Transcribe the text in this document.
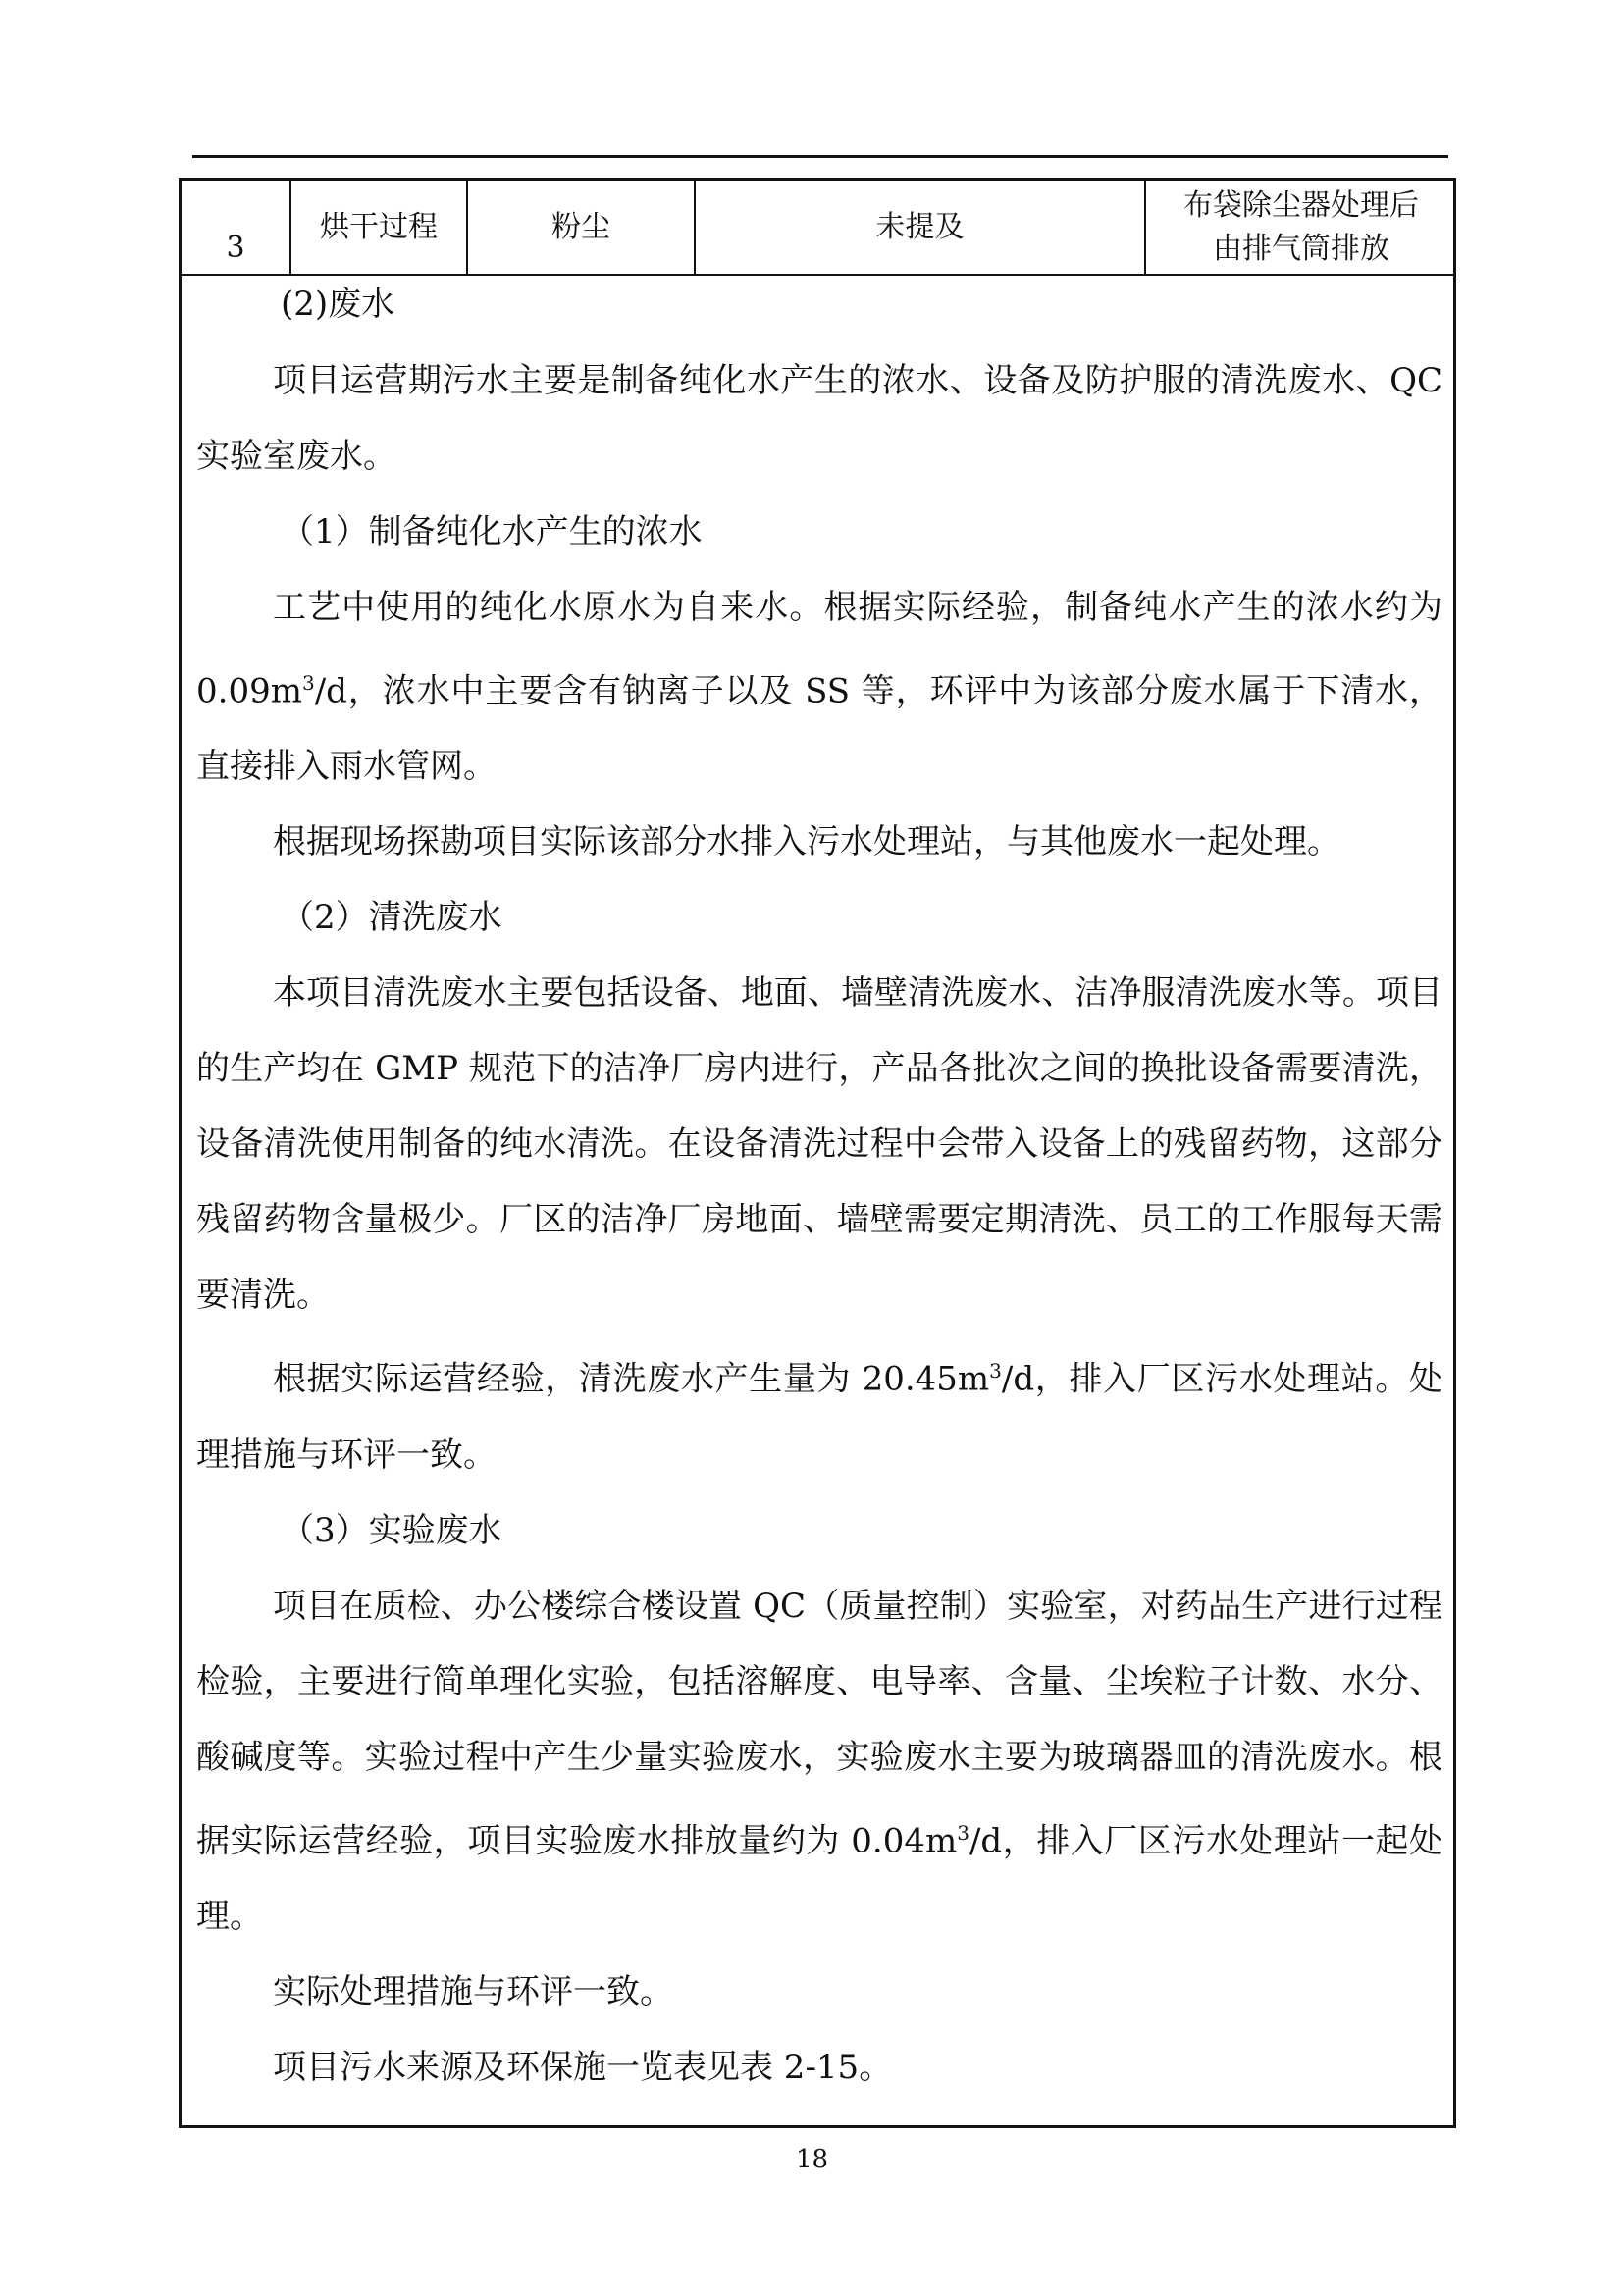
3
烘干过程	粉尘	未提及
布袋除尘器处理后
由排气筒排放

(2)废水

项目运营期污水主要是制备纯化水产生的浓水、设备及防护服的清洗废水、QC 实验室废水。

（1）制备纯化水产生的浓水

工艺中使用的纯化水原水为自来水。根据实际经验，制备纯水产生的浓水约为 $0.09m^3/d$，浓水中主要含有钠离子以及 SS 等，环评中为该部分废水属于下清水，直接排入雨水管网。

根据现场探勘项目实际该部分水排入污水处理站，与其他废水一起处理。

（2）清洗废水

本项目清洗废水主要包括设备、地面、墙壁清洗废水、洁净服清洗废水等。项目的生产均在 GMP 规范下的洁净厂房内进行，产品各批次之间的换批设备需要清洗，设备清洗使用制备的纯水清洗。在设备清洗过程中会带入设备上的残留药物，这部分残留药物含量极少。厂区的洁净厂房地面、墙壁需要定期清洗、员工的工作服每天需要清洗。

根据实际运营经验，清洗废水产生量为 $20.45m^3/d$，排入厂区污水处理站。处理措施与环评一致。

（3）实验废水

项目在质检、办公楼综合楼设置 QC（质量控制）实验室，对药品生产进行过程检验，主要进行简单理化实验，包括溶解度、电导率、含量、尘埃粒子计数、水分、酸碱度等。实验过程中产生少量实验废水，实验废水主要为玻璃器皿的清洗废水。根据实际运营经验，项目实验废水排放量约为 $0.04m^3/d$，排入厂区污水处理站一起处理。

实际处理措施与环评一致。

项目污水来源及环保施一览表见表 2-15。

18
